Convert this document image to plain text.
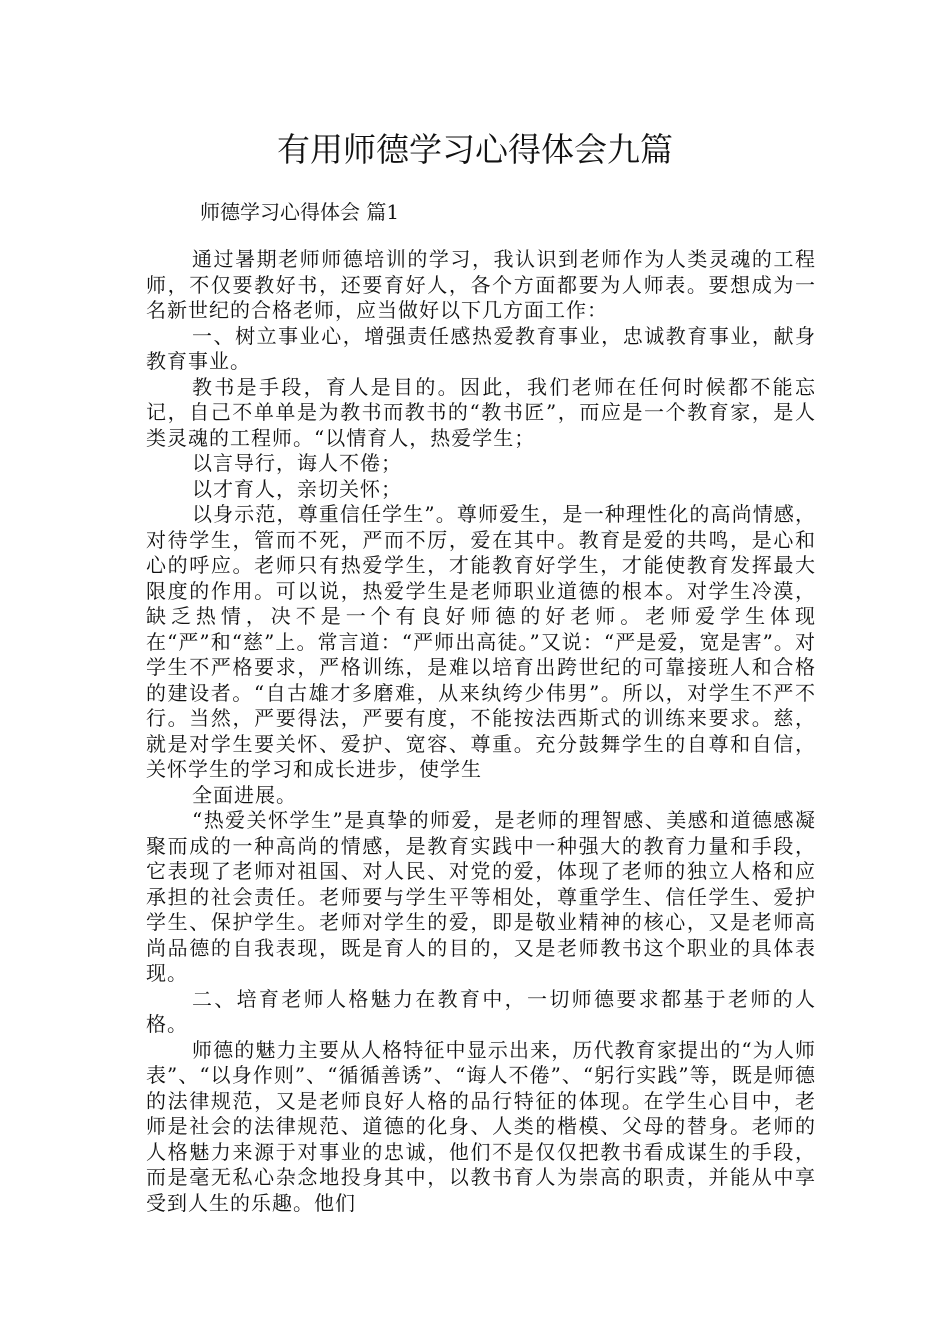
有用师德学习心得体会九篇
师德学习心得体会 篇1

通过暑期老师师德培训的学习，我认识到老师作为人类灵魂的工程师，不仅要教好书，还要育好人，各个方面都要为人师表。要想成为一名新世纪的合格老师，应当做好以下几方面工作：

一、树立事业心，增强责任感热爱教育事业，忠诚教育事业，献身教育事业。

教书是手段，育人是目的。因此，我们老师在任何时候都不能忘记，自己不单单是为教书而教书的“教书匠”，而应是一个教育家，是人类灵魂的工程师。“以情育人，热爱学生；

以言导行，诲人不倦；

以才育人，亲切关怀；

以身示范，尊重信任学生”。尊师爱生，是一种理性化的高尚情感，对待学生，管而不死，严而不厉，爱在其中。教育是爱的共鸣，是心和心的呼应。老师只有热爱学生，才能教育好学生，才能使教育发挥最大限度的作用。可以说，热爱学生是老师职业道德的根本。对学生冷漠，缺乏热情，决不是一个有良好师德的好老师。老师爱学生体现在“严”和“慈”上。常言道：“严师出高徒。”又说：“严是爱，宽是害”。对学生不严格要求，严格训练，是难以培育出跨世纪的可靠接班人和合格的建设者。“自古雄才多磨难，从来纨绔少伟男”。所以，对学生不严不行。当然，严要得法，严要有度，不能按法西斯式的训练来要求。慈，就是对学生要关怀、爱护、宽容、尊重。充分鼓舞学生的自尊和自信，关怀学生的学习和成长进步，使学生

全面进展。

“热爱关怀学生”是真挚的师爱，是老师的理智感、美感和道德感凝聚而成的一种高尚的情感，是教育实践中一种强大的教育力量和手段，它表现了老师对祖国、对人民、对党的爱，体现了老师的独立人格和应承担的社会责任。老师要与学生平等相处，尊重学生、信任学生、爱护学生、保护学生。老师对学生的爱，即是敬业精神的核心，又是老师高尚品德的自我表现，既是育人的目的，又是老师教书这个职业的具体表现。

二、培育老师人格魅力在教育中，一切师德要求都基于老师的人格。

师德的魅力主要从人格特征中显示出来，历代教育家提出的“为人师表”、“以身作则”、“循循善诱”、“诲人不倦”、“躬行实践”等，既是师德的法律规范，又是老师良好人格的品行特征的体现。在学生心目中，老师是社会的法律规范、道德的化身、人类的楷模、父母的替身。老师的人格魅力来源于对事业的忠诚，他们不是仅仅把教书看成谋生的手段，而是毫无私心杂念地投身其中，以教书育人为崇高的职责，并能从中享受到人生的乐趣。他们
